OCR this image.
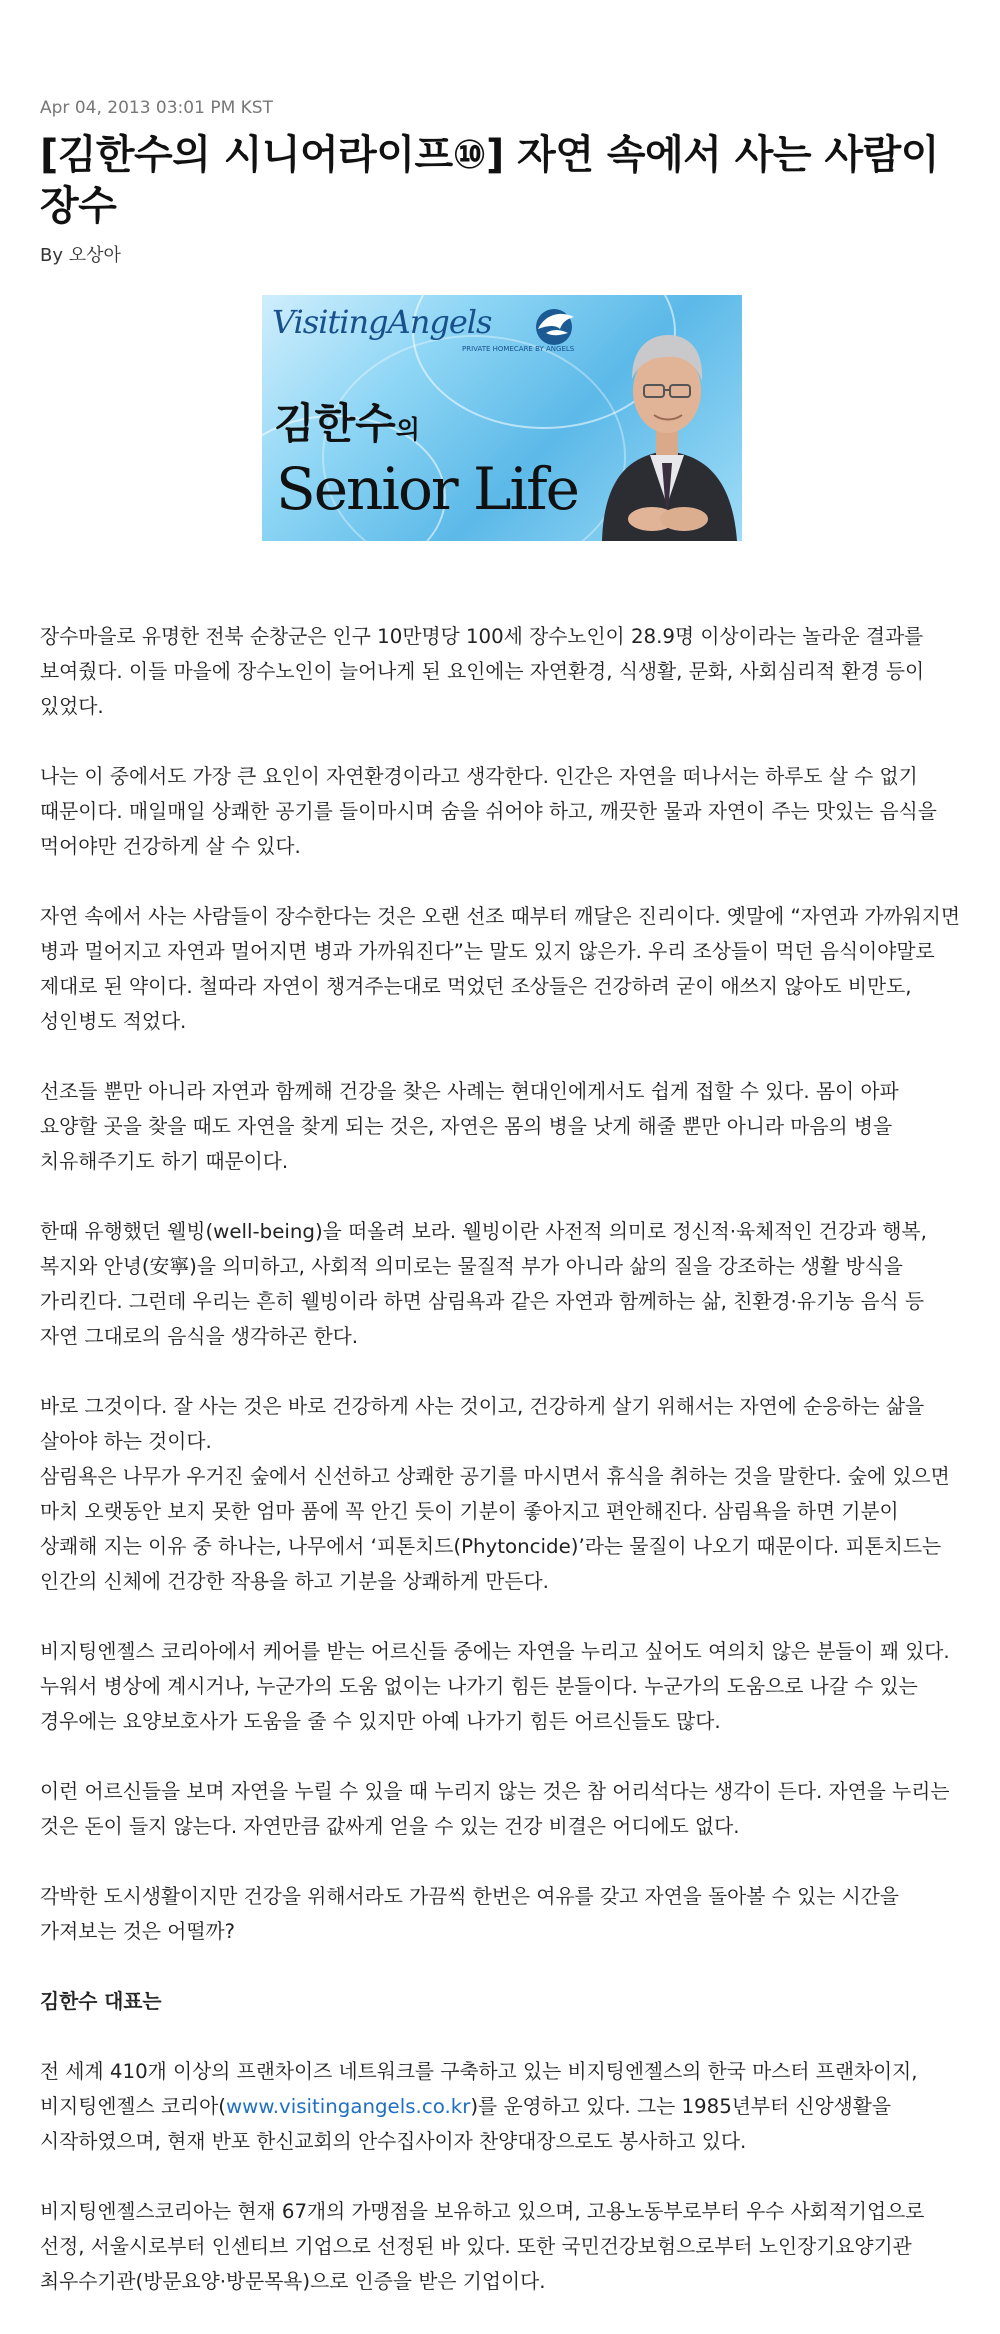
Apr 04, 2013 03:01 PM KST
[김한수의 시니어라이프⑩] 자연 속에서 사는 사람이 장수
By 오상아
VisitingAngels
PRIVATE HOMECARE BY ANGELS
김한수의
Senior Life

장수마을로 유명한 전북 순창군은 인구 10만명당 100세 장수노인이 28.9명 이상이라는 놀라운 결과를 보여줬다. 이들 마을에 장수노인이 늘어나게 된 요인에는 자연환경, 식생활, 문화, 사회심리적 환경 등이 있었다.

나는 이 중에서도 가장 큰 요인이 자연환경이라고 생각한다. 인간은 자연을 떠나서는 하루도 살 수 없기 때문이다. 매일매일 상쾌한 공기를 들이마시며 숨을 쉬어야 하고, 깨끗한 물과 자연이 주는 맛있는 음식을 먹어야만 건강하게 살 수 있다.

자연 속에서 사는 사람들이 장수한다는 것은 오랜 선조 때부터 깨달은 진리이다. 옛말에 “자연과 가까워지면 병과 멀어지고 자연과 멀어지면 병과 가까워진다”는 말도 있지 않은가. 우리 조상들이 먹던 음식이야말로 제대로 된 약이다. 철따라 자연이 챙겨주는대로 먹었던 조상들은 건강하려 굳이 애쓰지 않아도 비만도, 성인병도 적었다.

선조들 뿐만 아니라 자연과 함께해 건강을 찾은 사례는 현대인에게서도 쉽게 접할 수 있다. 몸이 아파 요양할 곳을 찾을 때도 자연을 찾게 되는 것은, 자연은 몸의 병을 낫게 해줄 뿐만 아니라 마음의 병을 치유해주기도 하기 때문이다.

한때 유행했던 웰빙(well-being)을 떠올려 보라. 웰빙이란 사전적 의미로 정신적·육체적인 건강과 행복, 복지와 안녕(安寧)을 의미하고, 사회적 의미로는 물질적 부가 아니라 삶의 질을 강조하는 생활 방식을 가리킨다. 그런데 우리는 흔히 웰빙이라 하면 삼림욕과 같은 자연과 함께하는 삶, 친환경·유기농 음식 등 자연 그대로의 음식을 생각하곤 한다.

바로 그것이다. 잘 사는 것은 바로 건강하게 사는 것이고, 건강하게 살기 위해서는 자연에 순응하는 삶을 살아야 하는 것이다.

삼림욕은 나무가 우거진 숲에서 신선하고 상쾌한 공기를 마시면서 휴식을 취하는 것을 말한다. 숲에 있으면 마치 오랫동안 보지 못한 엄마 품에 꼭 안긴 듯이 기분이 좋아지고 편안해진다. 삼림욕을 하면 기분이 상쾌해 지는 이유 중 하나는, 나무에서 ‘피톤치드(Phytoncide)’라는 물질이 나오기 때문이다. 피톤치드는 인간의 신체에 건강한 작용을 하고 기분을 상쾌하게 만든다.

비지팅엔젤스 코리아에서 케어를 받는 어르신들 중에는 자연을 누리고 싶어도 여의치 않은 분들이 꽤 있다. 누워서 병상에 계시거나, 누군가의 도움 없이는 나가기 힘든 분들이다. 누군가의 도움으로 나갈 수 있는 경우에는 요양보호사가 도움을 줄 수 있지만 아예 나가기 힘든 어르신들도 많다.

이런 어르신들을 보며 자연을 누릴 수 있을 때 누리지 않는 것은 참 어리석다는 생각이 든다. 자연을 누리는 것은 돈이 들지 않는다. 자연만큼 값싸게 얻을 수 있는 건강 비결은 어디에도 없다.

각박한 도시생활이지만 건강을 위해서라도 가끔씩 한번은 여유를 갖고 자연을 돌아볼 수 있는 시간을 가져보는 것은 어떨까?

김한수 대표는

전 세계 410개 이상의 프랜차이즈 네트워크를 구축하고 있는 비지팅엔젤스의 한국 마스터 프랜차이지, 비지팅엔젤스 코리아(www.visitingangels.co.kr)를 운영하고 있다. 그는 1985년부터 신앙생활을 시작하였으며, 현재 반포 한신교회의 안수집사이자 찬양대장으로도 봉사하고 있다.

비지팅엔젤스코리아는 현재 67개의 가맹점을 보유하고 있으며, 고용노동부로부터 우수 사회적기업으로 선정, 서울시로부터 인센티브 기업으로 선정된 바 있다. 또한 국민건강보험으로부터 노인장기요양기관 최우수기관(방문요양·방문목욕)으로 인증을 받은 기업이다.
